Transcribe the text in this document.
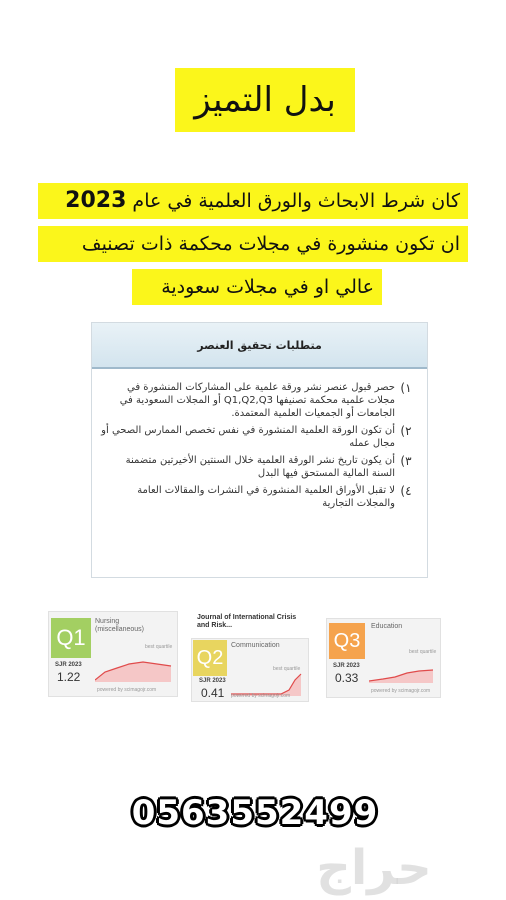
بدل التميز
كان شرط الابحاث والورق العلمية في عام 2023
ان تكون منشورة في مجلات محكمة ذات تصنيف
عالي او في مجلات سعودية
متطلبات تحقيق العنصر
١)
حصر قبول عنصر نشر ورقة علمية على المشاركات المنشورة في مجلات علمية محكمة تصنيفها Q1,Q2,Q3 أو المجلات السعودية في الجامعات أو الجمعيات العلمية المعتمدة.
٢)
أن تكون الورقة العلمية المنشورة في نفس تخصص الممارس الصحي أو مجال عمله
٣)
أن يكون تاريخ نشر الورقة العلمية خلال السنتين الأخيرتين متضمنة السنة المالية المستحق فيها البدل
٤)
لا تقبل الأوراق العلمية المنشورة في النشرات والمقالات العامة والمجلات التجارية
Q1
Nursing (miscellaneous)
best quartile
SJR 2023
1.22
powered by scimagojr.com
Journal of International Crisis and Risk...
Q2
Communication
best quartile
SJR 2023
0.41 powered by scimagojr.com
Q3
Education
best quartile
SJR 2023
0.33
powered by scimagojr.com
0563552499
حراج
